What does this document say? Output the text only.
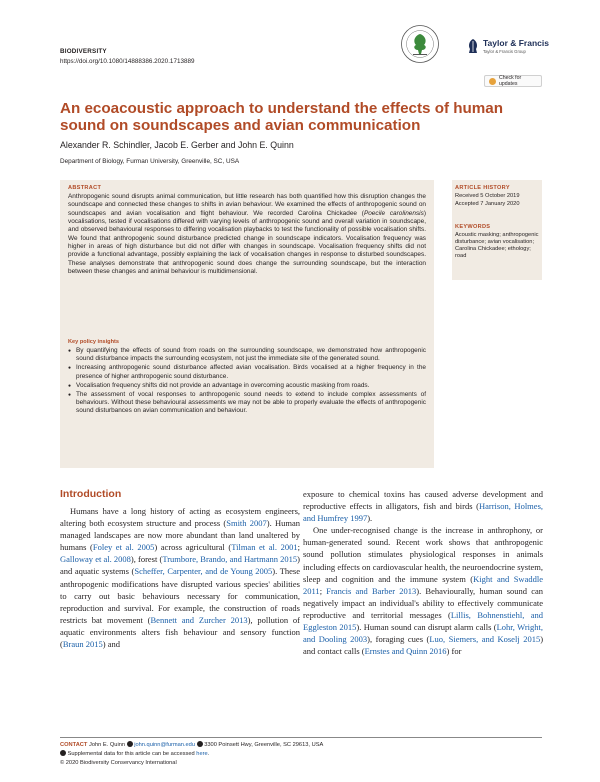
BIODIVERSITY
https://doi.org/10.1080/14888386.2020.1713889
Taylor & Francis
Taylor & Francis Group
Check for updates
An ecoacoustic approach to understand the effects of human sound on soundscapes and avian communication
Alexander R. Schindler, Jacob E. Gerber and John E. Quinn
Department of Biology, Furman University, Greenville, SC, USA
ABSTRACT
Anthropogenic sound disrupts animal communication, but little research has both quantified how this disruption changes the soundscape and connected these changes to shifts in avian behaviour. We examined the effects of anthropogenic sound on soundscapes and avian vocalisation and flight behaviour. We recorded Carolina Chickadee (Poecile carolinensis) vocalisations, tested if vocalisations differed with varying levels of anthropogenic sound and overall variation in soundscape, and observed behavioural responses to differing vocalisation playbacks to test the functionality of possible vocalisation shifts. We found that anthropogenic sound disturbance predicted change in soundscape indicators. Vocalisation frequency was higher in areas of high disturbance but did not differ with changes in soundscape. Vocalisation frequency shifts did not provide a functional advantage, possibly explaining the lack of vocalisation changes in response to disturbed soundscapes. These analyses demonstrate that anthropogenic sound does change the surrounding soundscape, but the interaction between these changes and animal behaviour is multidimensional.
Key policy insights
● By quantifying the effects of sound from roads on the surrounding soundscape, we demonstrated how anthropogenic sound disturbance impacts the surrounding ecosystem, not just the immediate site of the generated sound.
● Increasing anthropogenic sound disturbance affected avian vocalisation. Birds vocalised at a higher frequency in the presence of higher anthropogenic sound disturbance.
● Vocalisation frequency shifts did not provide an advantage in overcoming acoustic masking from roads.
● The assessment of vocal responses to anthropogenic sound needs to extend to include complex assessments of behaviours. Without these behavioural assessments we may not be able to properly evaluate the effects of anthropogenic sound disturbances on avian communication and behaviour.
ARTICLE HISTORY
Received 5 October 2019
Accepted 7 January 2020
KEYWORDS
Acoustic masking; anthropogenic disturbance; avian vocalisation; Carolina Chickadee; ethology; road
Introduction
Humans have a long history of acting as ecosystem engineers, altering both ecosystem structure and process (Smith 2007). Human managed landscapes are now more abundant than land unaltered by humans (Foley et al. 2005) across agricultural (Tilman et al. 2001; Galloway et al. 2008), forest (Trumbore, Brando, and Hartmann 2015) and aquatic systems (Scheffer, Carpenter, and de Young 2005). These anthropogenic modifications have disrupted various species' abilities to carry out basic behaviours necessary for communication, reproduction and survival. For example, the construction of roads restricts bat movement (Bennett and Zurcher 2013), pollution of aquatic environments alters fish behaviour and sensory function (Braun 2015) and

exposure to chemical toxins has caused adverse development and reproductive effects in alligators, fish and birds (Harrison, Holmes, and Humfrey 1997).

One under-recognised change is the increase in anthrophony, or human-generated sound. Recent work shows that anthropogenic sound pollution stimulates physiological responses in animals including effects on cardiovascular health, the neuroendocrine system, sleep and cognition and the immune system (Kight and Swaddle 2011; Francis and Barber 2013). Behaviourally, human sound can negatively impact an individual's ability to effectively communicate reproductive and territorial messages (Lillis, Bohnenstiehl, and Eggleston 2015). Human sound can disrupt alarm calls (Lohr, Wright, and Dooling 2003), foraging cues (Luo, Siemers, and Koselj 2015) and contact calls (Ernstes and Quinn 2016) for

CONTACT John E. Quinn john.quinn@furman.edu 3300 Poinsett Hwy, Greenville, SC 29613, USA
Supplemental data for this article can be accessed here.
© 2020 Biodiversity Conservancy International
